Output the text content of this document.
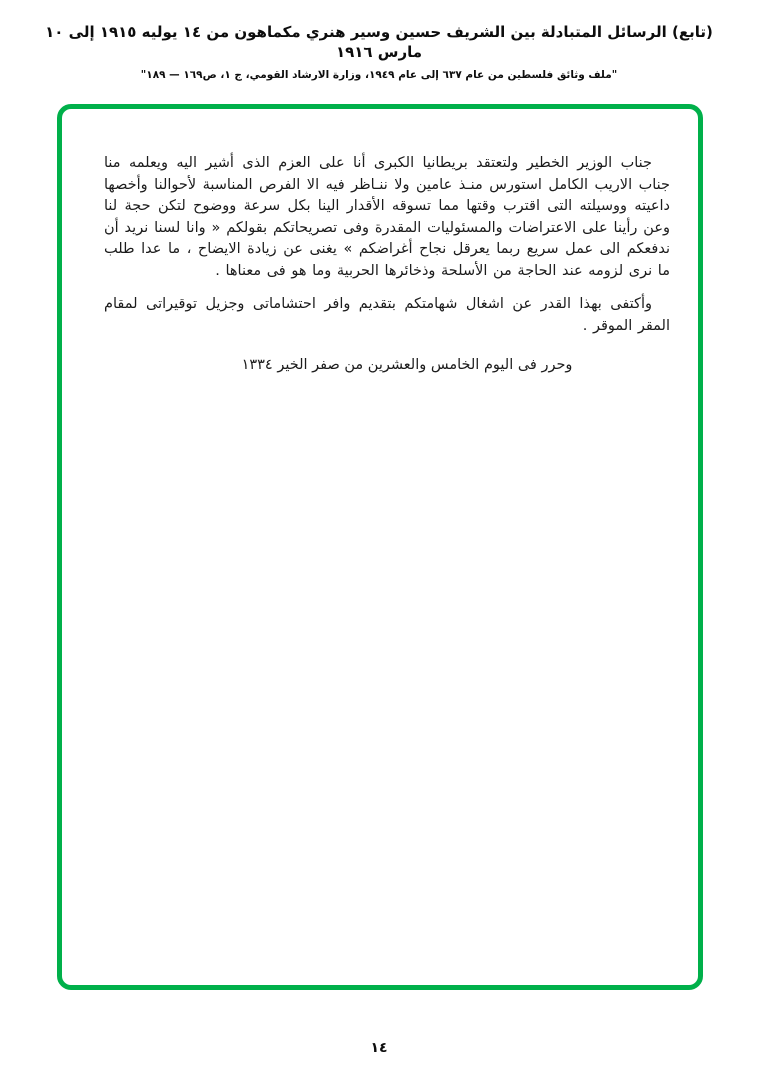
(تابع) الرسائل المتبادلة بين الشريف حسين وسير هنري مكماهون من ١٤ يوليه ١٩١٥ إلى ١٠ مارس ١٩١٦
"ملف وثائق فلسطين من عام ٦٣٧ إلى عام ١٩٤٩، وزارة الارشاد القومي، ج ١، ص١٦٩ — ١٨٩"

جناب الوزير الخطير ولتعتقد بريطانيا الكبرى أنا على العزم الذى أشير اليه ويعلمه منا جناب الاريب الكامل استورس منـذ عامين ولا ننـاظر فيه الا الفرص المناسبة لأحوالنا وأخصها داعيته ووسيلته التى اقترب وقتها مما تسوقه الأقدار الينا بكل سرعة ووضوح لتكن حجة لنا وعن رأينا على الاعتراضات والمسئوليات المقدرة وفى تصريحاتكم بقولكم « وانا لسنا نريد أن ندفعكم الى عمل سريع ربما يعرقل نجاح أغراضكم » يغنى عن زيادة الايضاح ، ما عدا طلب ما نرى لزومه عند الحاجة من الأسلحة وذخائرها الحربية وما هو فى معناها .

وأكتفى بهذا القدر عن اشغال شهامتكم بتقديم وافر احتشاماتى وجزيل توقيراتى لمقام المقر الموقر .

وحرر فى اليوم الخامس والعشرين من صفر الخير ١٣٣٤

١٤
